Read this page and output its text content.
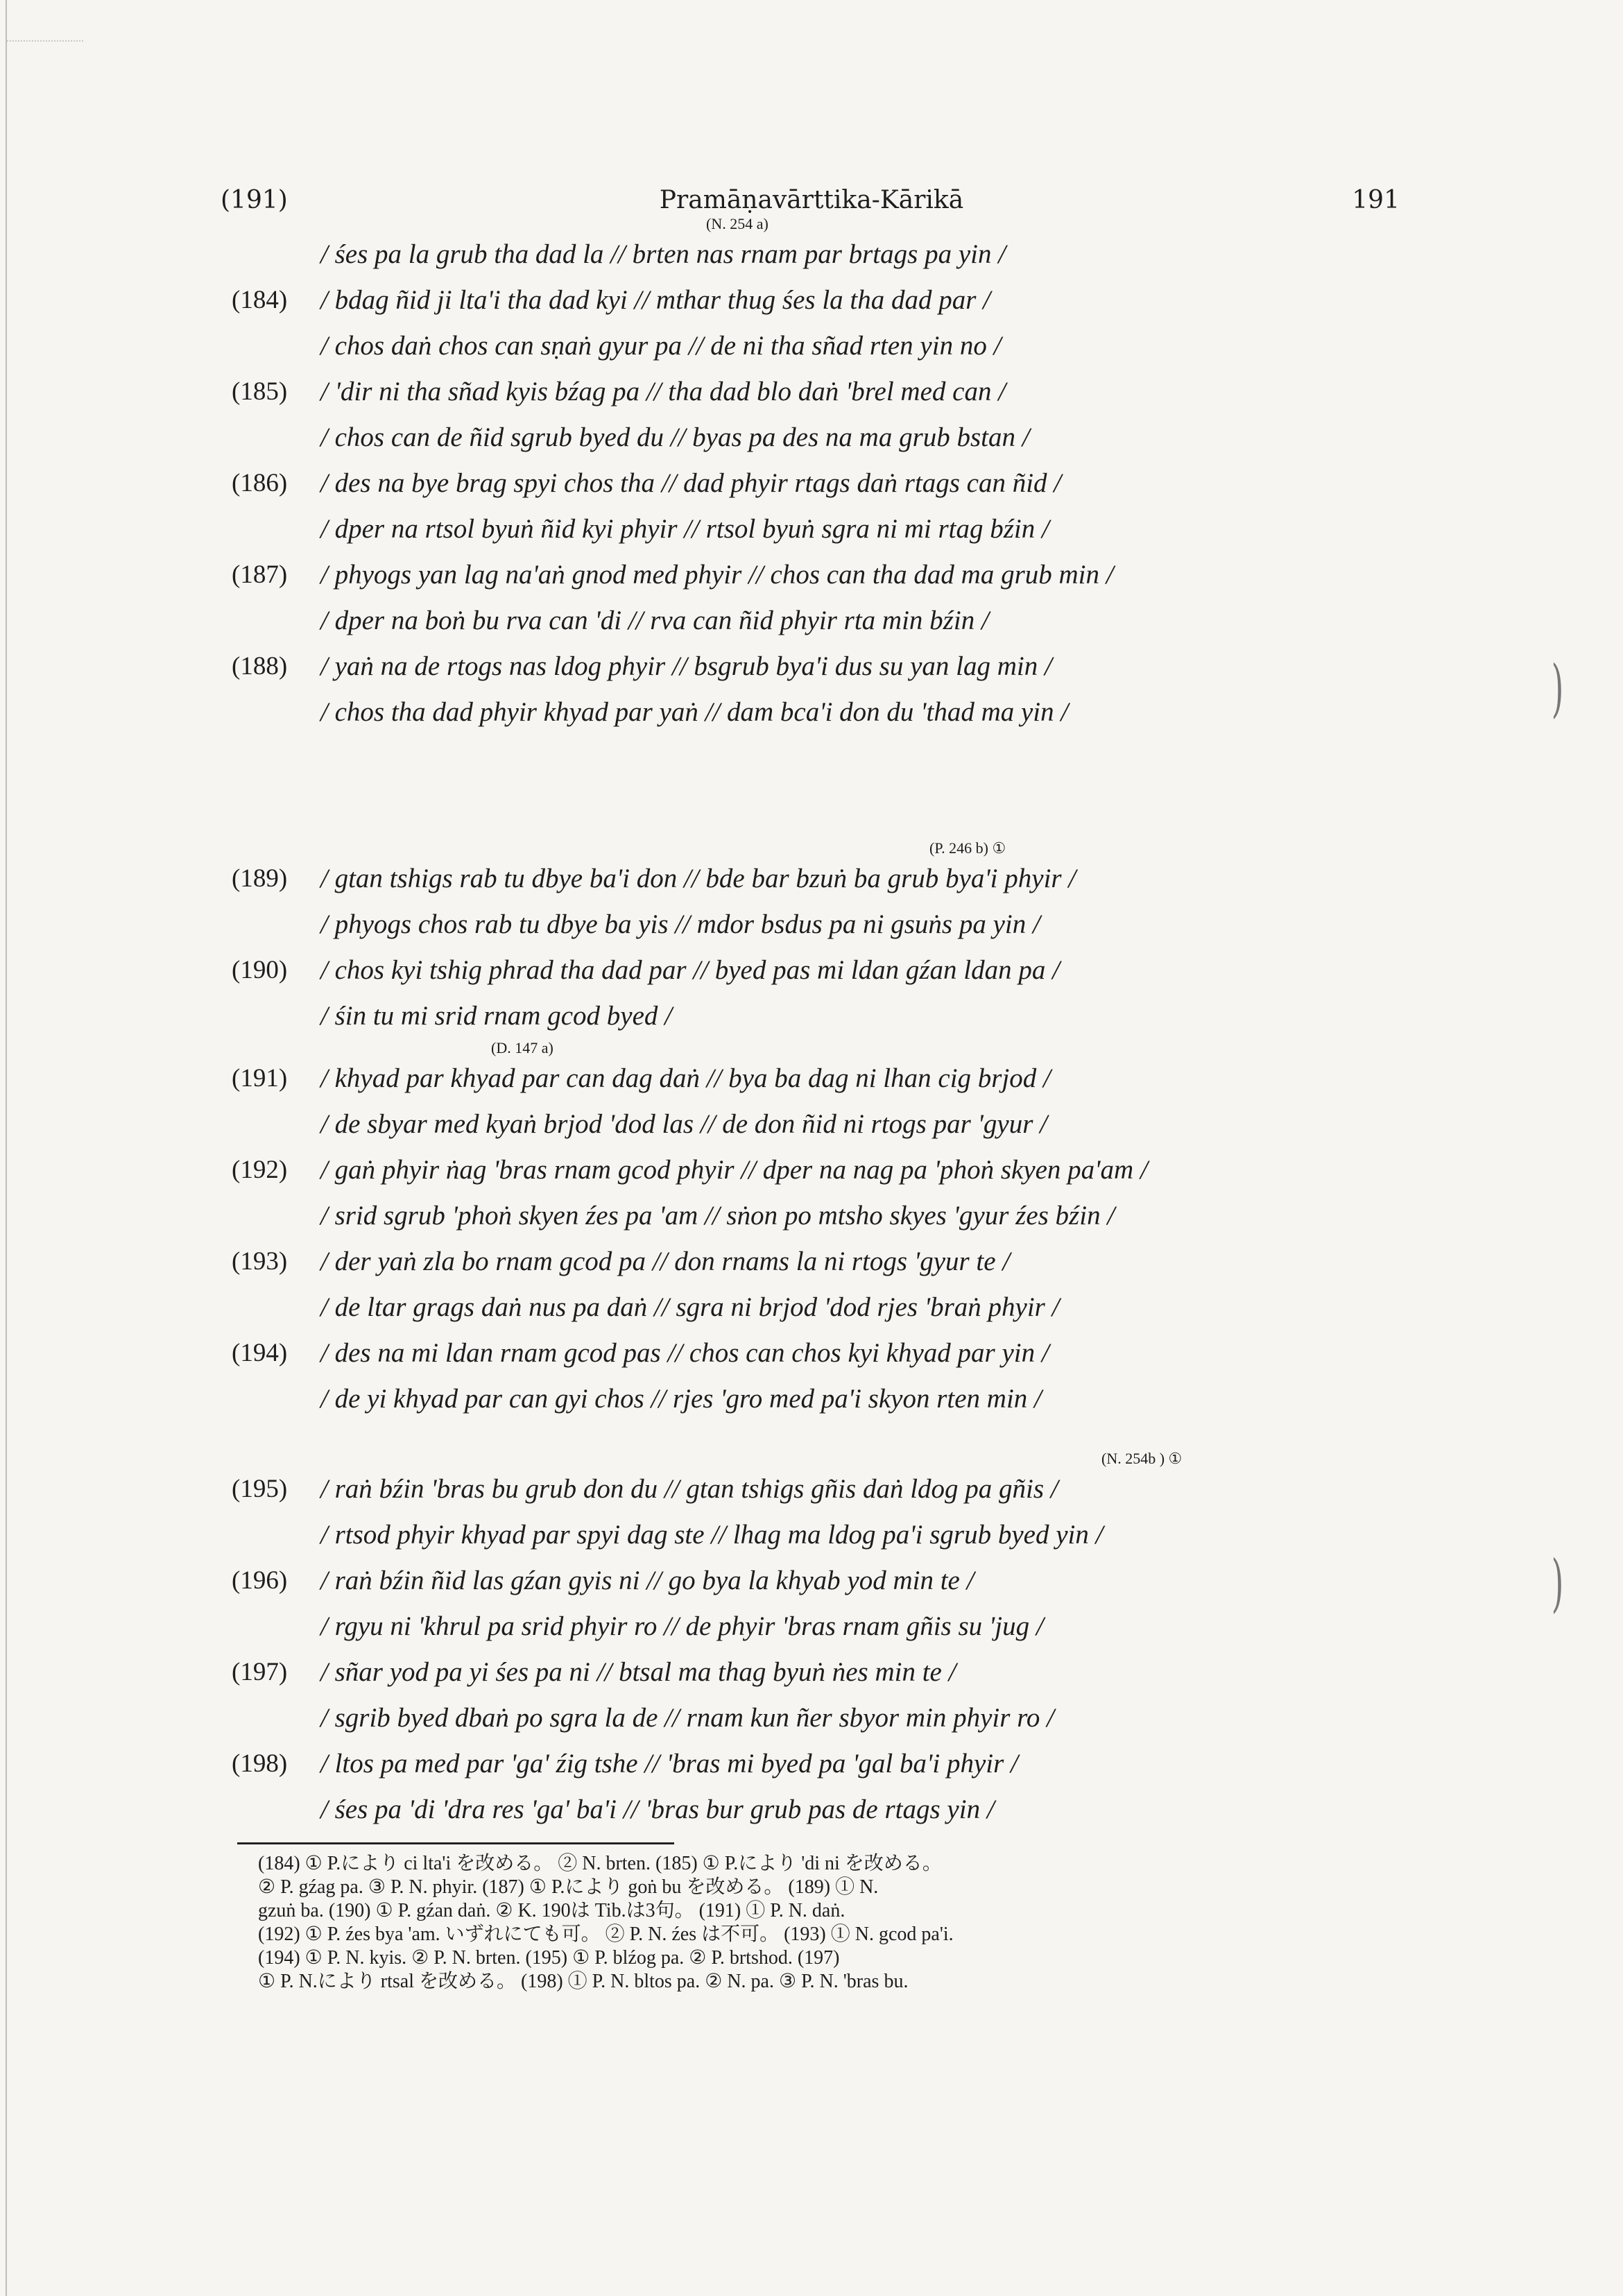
)
)
(191)	Pramāṇavārttika-Kārikā	191
(N. 254 a)
/ śes pa la grub tha dad la // brten nas rnam par brtags pa yin /
(184) / bdag ñid ji lta'i tha dad kyi // mthar thug śes la tha dad par /
/ chos daṅ chos can sṇaṅ gyur pa // de ni tha sñad rten yin no /
(185) / 'dir ni tha sñad kyis bźag pa // tha dad blo daṅ 'brel med can /
/ chos can de ñid sgrub byed du // byas pa des na ma grub bstan /
(186) / des na bye brag spyi chos tha // dad phyir rtags daṅ rtags can ñid /
/ dper na rtsol byuṅ ñid kyi phyir // rtsol byuṅ sgra ni mi rtag bźin /
(187) / phyogs yan lag na'aṅ gnod med phyir // chos can tha dad ma grub min /
/ dper na boṅ bu rva can 'di // rva can ñid phyir rta min bźin /
(188) / yaṅ na de rtogs nas ldog phyir // bsgrub bya'i dus su yan lag min /
/ chos tha dad phyir khyad par yaṅ // dam bca'i don du 'thad ma yin /
(P. 246 b) ①
(189) / gtan tshigs rab tu dbye ba'i don // bde bar bzuṅ ba grub bya'i phyir /
/ phyogs chos rab tu dbye ba yis // mdor bsdus pa ni gsuṅs pa yin /
(190) / chos kyi tshig phrad tha dad par // byed pas mi ldan gźan ldan pa /
/ śin tu mi srid rnam gcod byed /
(D. 147 a)
(191) / khyad par khyad par can dag daṅ // bya ba dag ni lhan cig brjod /
/ de sbyar med kyaṅ brjod 'dod las // de don ñid ni rtogs par 'gyur /
(192) / gaṅ phyir ṅag 'bras rnam gcod phyir // dper na nag pa 'phoṅ skyen pa'am /
/ srid sgrub 'phoṅ skyen źes pa 'am // sṅon po mtsho skyes 'gyur źes bźin /
(193) / der yaṅ zla bo rnam gcod pa // don rnams la ni rtogs 'gyur te /
/ de ltar grags daṅ nus pa daṅ // sgra ni brjod 'dod rjes 'braṅ phyir /
(194) / des na mi ldan rnam gcod pas // chos can chos kyi khyad par yin /
/ de yi khyad par can gyi chos // rjes 'gro med pa'i skyon rten min /
(N. 254b ) ①
(195) / raṅ bźin 'bras bu grub don du // gtan tshigs gñis daṅ ldog pa gñis /
/ rtsod phyir khyad par spyi dag ste // lhag ma ldog pa'i sgrub byed yin /
(196) / raṅ bźin ñid las gźan gyis ni // go bya la khyab yod min te /
/ rgyu ni 'khrul pa srid phyir ro // de phyir 'bras rnam gñis su 'jug /
(197) / sñar yod pa yi śes pa ni // btsal ma thag byuṅ ṅes min te /
/ sgrib byed dbaṅ po sgra la de // rnam kun ñer sbyor min phyir ro /
(198) / ltos pa med par 'ga' źig tshe // 'bras mi byed pa 'gal ba'i phyir /
/ śes pa 'di 'dra res 'ga' ba'i // 'bras bur grub pas de rtags yin /
(184) ① P.により ci lta'i を改める。 ② N. brten. (185) ① P.により 'di ni を改める。
② P. gźag pa. ③ P. N. phyir. (187) ① P.により goṅ bu を改める。 (189) ① N.
gzuṅ ba. (190) ① P. gźan daṅ. ② K. 190は Tib.は3句。 (191) ① P. N. daṅ.
(192) ① P. źes bya 'am. いずれにても可。 ② P. N. źes は不可。 (193) ① N. gcod pa'i.
(194) ① P. N. kyis. ② P. N. brten. (195) ① P. blźog pa. ② P. brtshod. (197)
① P. N.により rtsal を改める。 (198) ① P. N. bltos pa. ② N. pa. ③ P. N. 'bras bu.
